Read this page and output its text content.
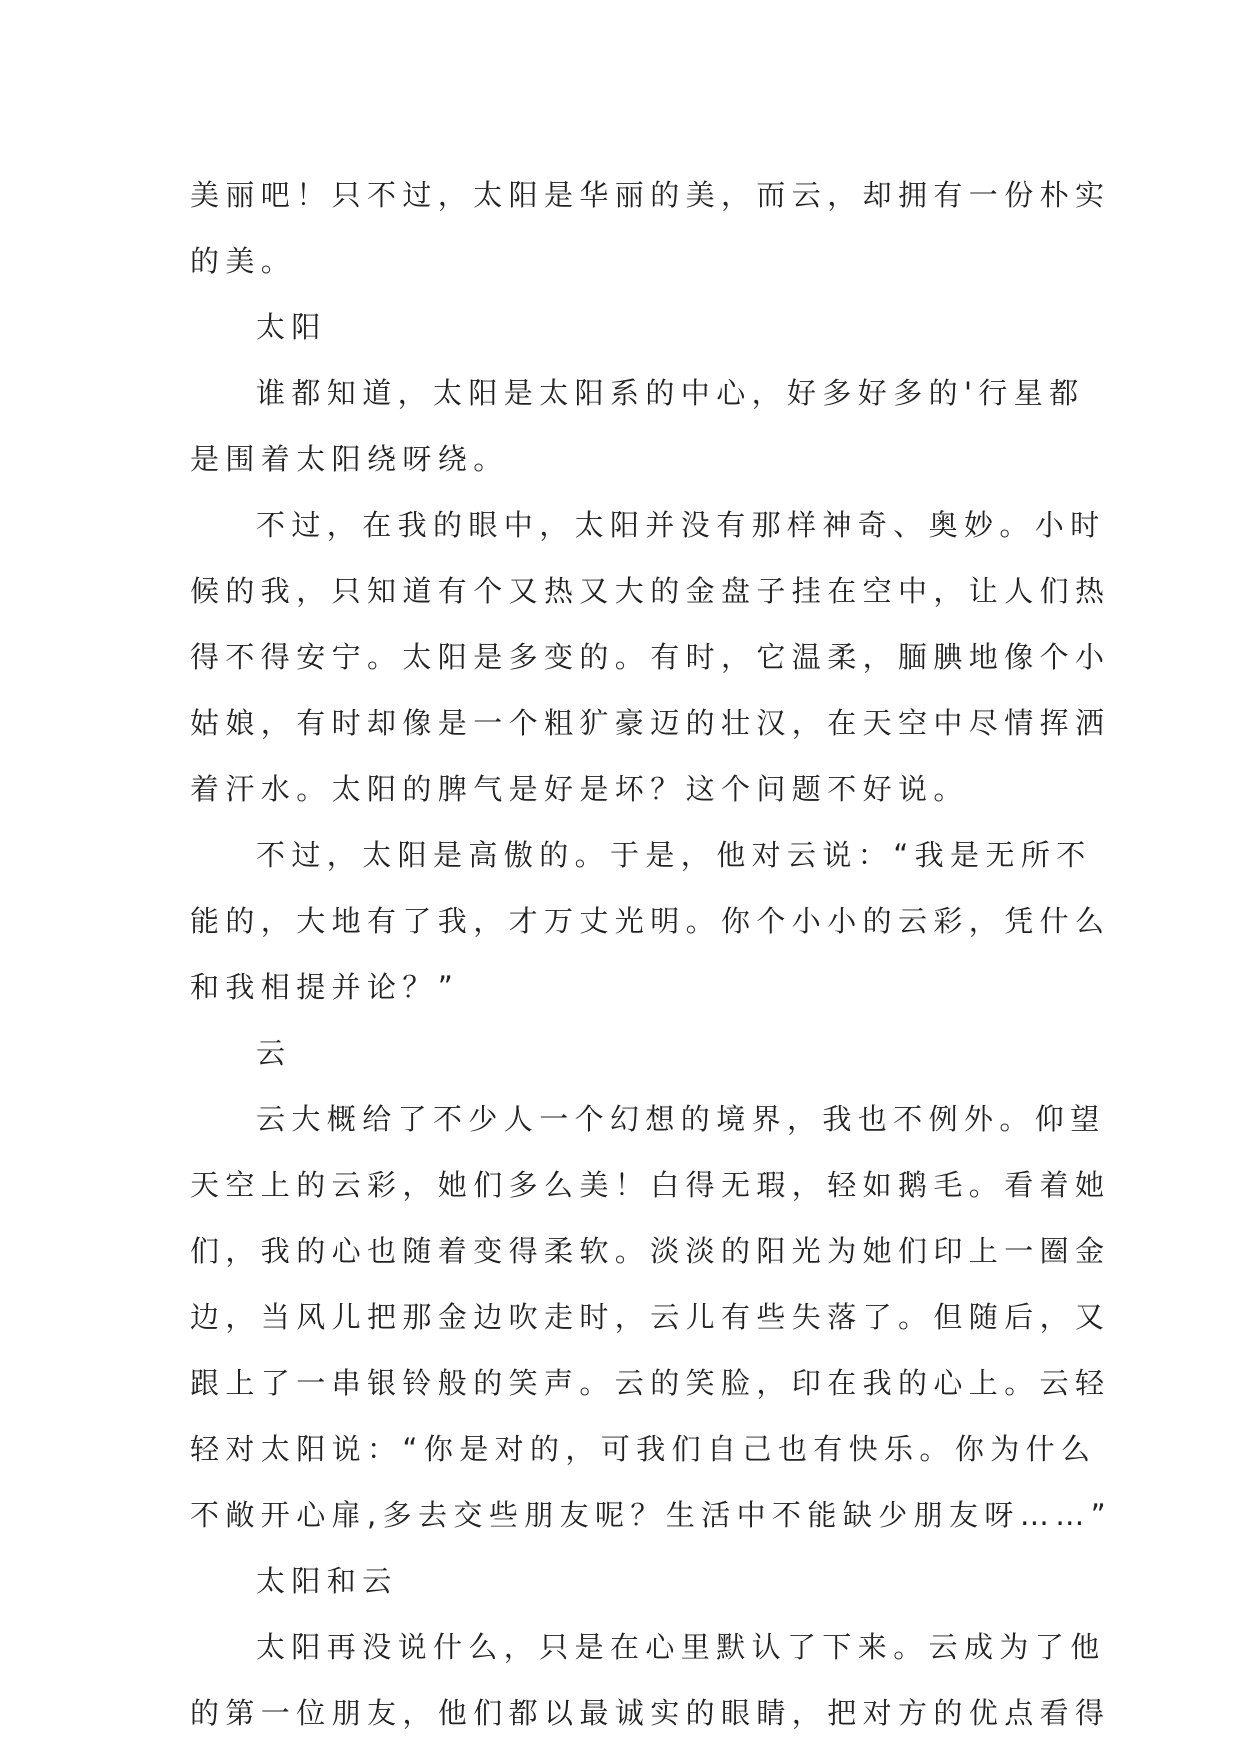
美丽吧！只不过，太阳是华丽的美，而云，却拥有一份朴实
的美。
太阳
谁都知道，太阳是太阳系的中心，好多好多的'行星都
是围着太阳绕呀绕。
不过，在我的眼中，太阳并没有那样神奇、奥妙。小时
候的我，只知道有个又热又大的金盘子挂在空中，让人们热
得不得安宁。太阳是多变的。有时，它温柔，腼腆地像个小
姑娘，有时却像是一个粗犷豪迈的壮汉，在天空中尽情挥洒
着汗水。太阳的脾气是好是坏？这个问题不好说。
不过，太阳是高傲的。于是，他对云说：“我是无所不
能的，大地有了我，才万丈光明。你个小小的云彩，凭什么
和我相提并论？”
云
云大概给了不少人一个幻想的境界，我也不例外。仰望
天空上的云彩，她们多么美！白得无瑕，轻如鹅毛。看着她
们，我的心也随着变得柔软。淡淡的阳光为她们印上一圈金
边，当风儿把那金边吹走时，云儿有些失落了。但随后，又
跟上了一串银铃般的笑声。云的笑脸，印在我的心上。云轻
轻对太阳说：“你是对的，可我们自己也有快乐。你为什么
不敞开心扉,多去交些朋友呢？生活中不能缺少朋友呀……”
太阳和云
太阳再没说什么，只是在心里默认了下来。云成为了他
的第一位朋友，他们都以最诚实的眼睛，把对方的优点看得
